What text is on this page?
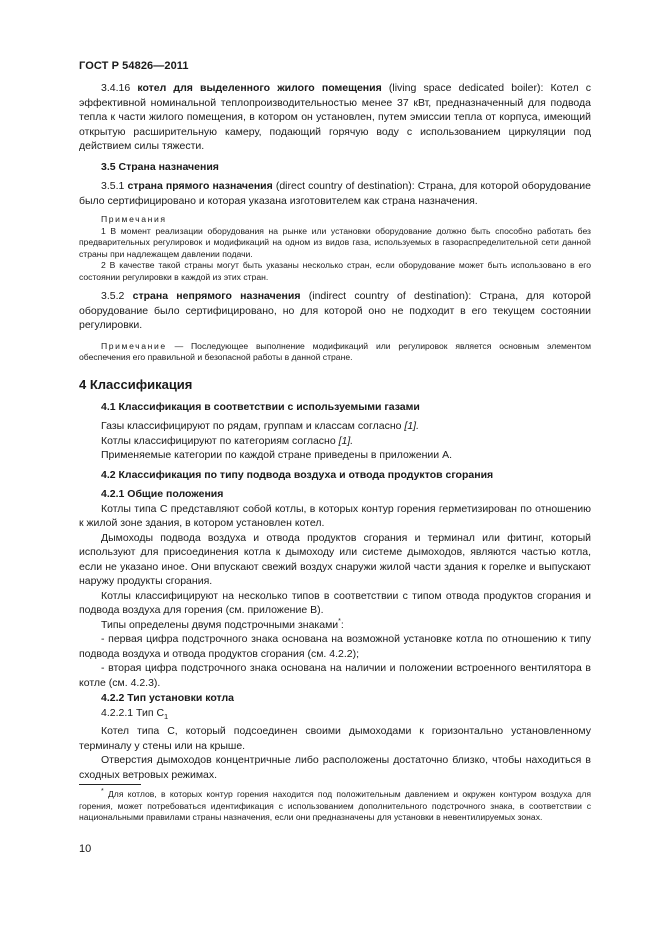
ГОСТ Р 54826—2011

3.4.16 котел для выделенного жилого помещения (living space dedicated boiler): Котел с эффективной номинальной теплопроизводительностью менее 37 кВт, предназначенный для подвода тепла к части жилого помещения, в котором он установлен, путем эмиссии тепла от корпуса, имеющий открытую расширительную камеру, подающий горячую воду с использованием циркуляции под действием силы тяжести.

3.5 Страна назначения

3.5.1 страна прямого назначения (direct country of destination): Страна, для которой оборудование было сертифицировано и которая указана изготовителем как страна назначения.

Примечания

1 В момент реализации оборудования на рынке или установки оборудование должно быть способно работать без предварительных регулировок и модификаций на одном из видов газа, используемых в газораспределительной сети данной страны при надлежащем давлении подачи.

2 В качестве такой страны могут быть указаны несколько стран, если оборудование может быть использовано в его состоянии регулировки в каждой из этих стран.

3.5.2 страна непрямого назначения (indirect country of destination): Страна, для которой оборудование было сертифицировано, но для которой оно не подходит в его текущем состоянии регулировки.

Примечание — Последующее выполнение модификаций или регулировок является основным элементом обеспечения его правильной и безопасной работы в данной стране.

4 Классификация
4.1 Классификация в соответствии с используемыми газами

Газы классифицируют по рядам, группам и классам согласно [1].

Котлы классифицируют по категориям согласно [1].

Применяемые категории по каждой стране приведены в приложении А.

4.2 Классификация по типу подвода воздуха и отвода продуктов сгорания
4.2.1 Общие положения

Котлы типа С представляют собой котлы, в которых контур горения герметизирован по отношению к жилой зоне здания, в котором установлен котел.

Дымоходы подвода воздуха и отвода продуктов сгорания и терминал или фитинг, который используют для присоединения котла к дымоходу или системе дымоходов, являются частью котла, если не указано иное. Они впускают свежий воздух снаружи жилой части здания к горелке и выпускают наружу продукты сгорания.

Котлы классифицируют на несколько типов в соответствии с типом отвода продуктов сгорания и подвода воздуха для горения (см. приложение В).

Типы определены двумя подстрочными знаками*:

- первая цифра подстрочного знака основана на возможной установке котла по отношению к типу подвода воздуха и отвода продуктов сгорания (см. 4.2.2);

- вторая цифра подстрочного знака основана на наличии и положении встроенного вентилятора в котле (см. 4.2.3).

4.2.2 Тип установки котла

4.2.2.1 Тип $С_1$

Котел типа С, который подсоединен своими дымоходами к горизонтально установленному терминалу у стены или на крыше.

Отверстия дымоходов концентричные либо расположены достаточно близко, чтобы находиться в сходных ветровых режимах.

* Для котлов, в которых контур горения находится под положительным давлением и окружен контуром воздуха для горения, может потребоваться идентификация с использованием дополнительного подстрочного знака, в соответствии с национальными правилами страны назначения, если они предназначены для установки в невентилируемых зонах.

10
